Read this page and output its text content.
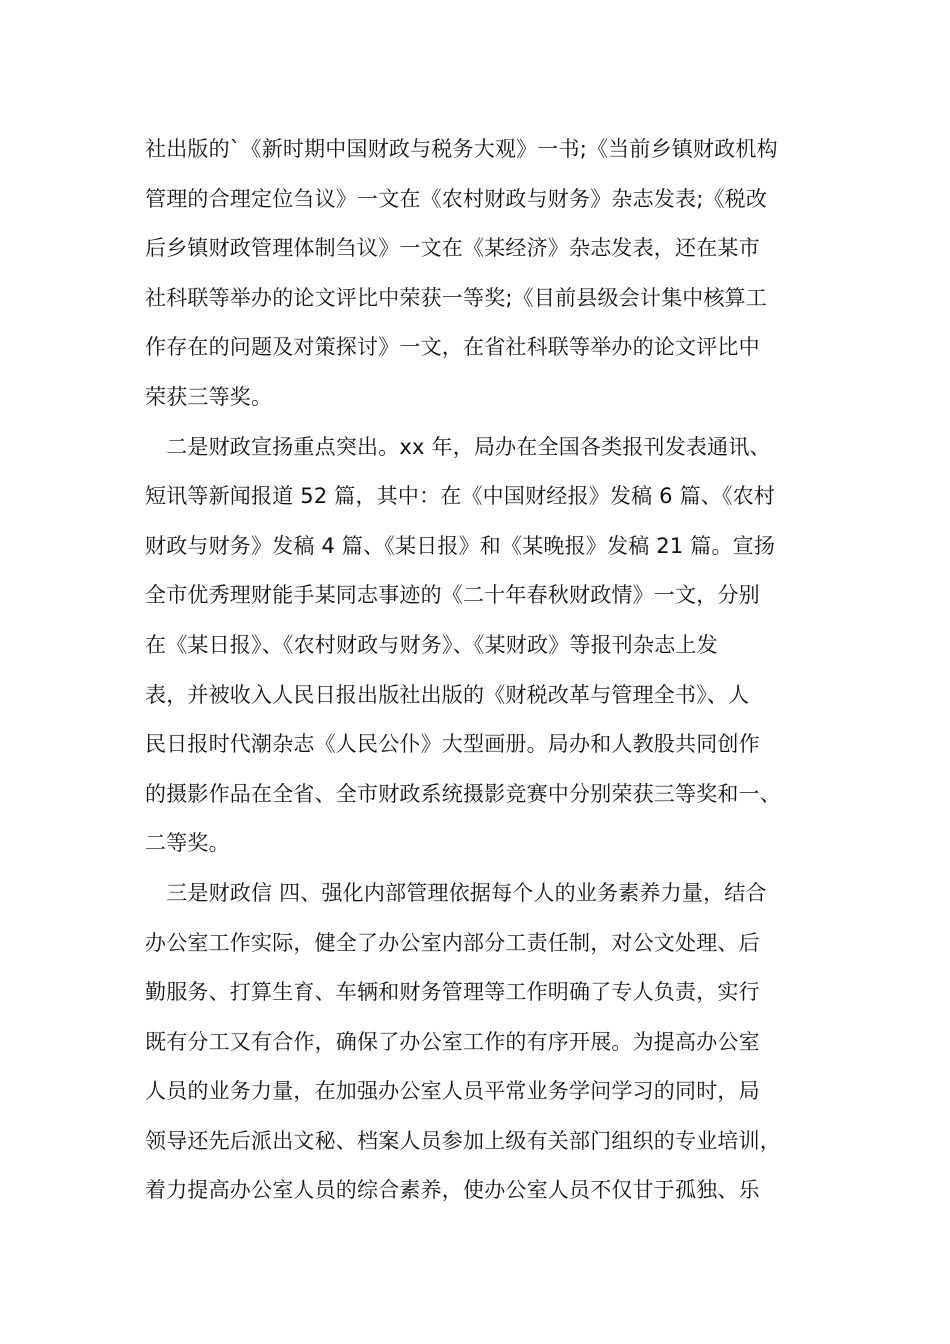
社出版的`《新时期中国财政与税务大观》一书;《当前乡镇财政机构
管理的合理定位刍议》一文在《农村财政与财务》杂志发表;《税改
后乡镇财政管理体制刍议》一文在《某经济》杂志发表，还在某市
社科联等举办的论文评比中荣获一等奖;《目前县级会计集中核算工
作存在的问题及对策探讨》一文，在省社科联等举办的论文评比中
荣获三等奖。
　二是财政宣扬重点突出。xx 年，局办在全国各类报刊发表通讯、
短讯等新闻报道 52 篇，其中：在《中国财经报》发稿 6 篇、《农村
财政与财务》发稿 4 篇、《某日报》和《某晚报》发稿 21 篇。宣扬
全市优秀理财能手某同志事迹的《二十年春秋财政情》一文，分别
在《某日报》、《农村财政与财务》、《某财政》等报刊杂志上发
表，并被收入人民日报出版社出版的《财税改革与管理全书》、人
民日报时代潮杂志《人民公仆》大型画册。局办和人教股共同创作
的摄影作品在全省、全市财政系统摄影竞赛中分别荣获三等奖和一、
二等奖。
　三是财政信 四、强化内部管理依据每个人的业务素养力量，结合
办公室工作实际，健全了办公室内部分工责任制，对公文处理、后
勤服务、打算生育、车辆和财务管理等工作明确了专人负责，实行
既有分工又有合作，确保了办公室工作的有序开展。为提高办公室
人员的业务力量，在加强办公室人员平常业务学问学习的同时，局
领导还先后派出文秘、档案人员参加上级有关部门组织的专业培训，
着力提高办公室人员的综合素养，使办公室人员不仅甘于孤独、乐
